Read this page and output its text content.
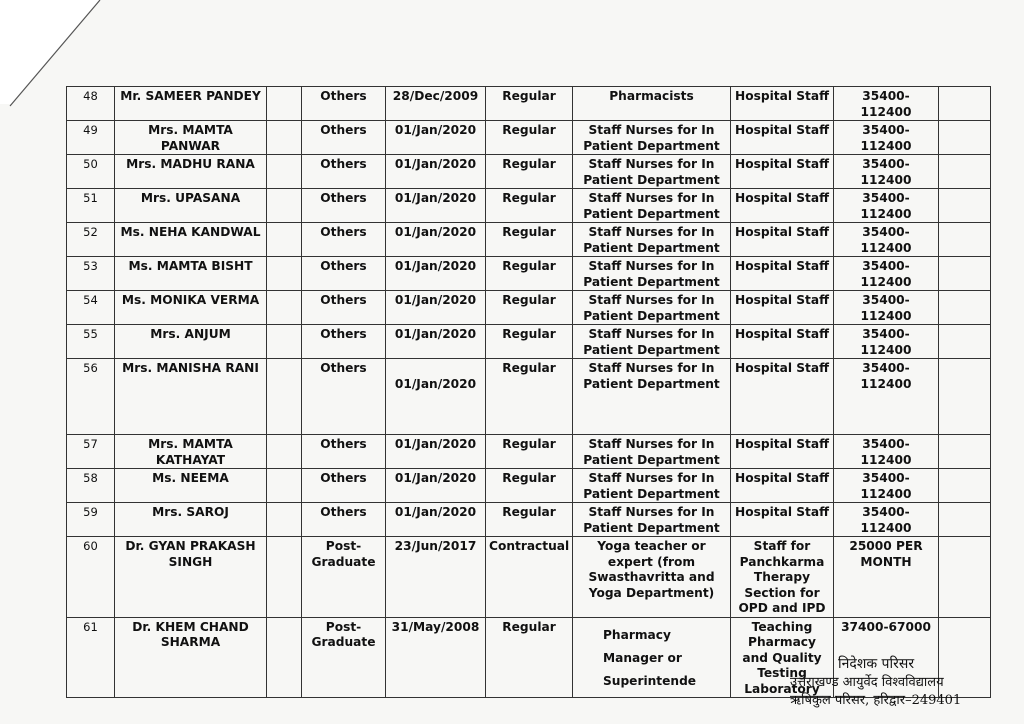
48	Mr. SAMEER PANDEY		Others	28/Dec/2009	Regular	Pharmacists	Hospital Staff	35400-
112400	

49	Mrs. MAMTA PANWAR		Others	01/Jan/2020	Regular	Staff Nurses for In Patient Department	Hospital Staff	35400-
112400	

50	Mrs. MADHU RANA		Others	01/Jan/2020	Regular	Staff Nurses for In Patient Department	Hospital Staff	35400-
112400	

51	Mrs. UPASANA		Others	01/Jan/2020	Regular	Staff Nurses for In Patient Department	Hospital Staff	35400-
112400	

52	Ms. NEHA KANDWAL		Others	01/Jan/2020	Regular	Staff Nurses for In Patient Department	Hospital Staff	35400-
112400	

53	Ms. MAMTA BISHT		Others	01/Jan/2020	Regular	Staff Nurses for In Patient Department	Hospital Staff	35400-
112400	

54	Ms. MONIKA VERMA		Others	01/Jan/2020	Regular	Staff Nurses for In Patient Department	Hospital Staff	35400-
112400	

55	Mrs. ANJUM		Others	01/Jan/2020	Regular	Staff Nurses for In Patient Department	Hospital Staff	35400-
112400	

56	Mrs. MANISHA RANI		Others	01/Jan/2020	Regular	Staff Nurses for In Patient Department	Hospital Staff	35400-
112400	

57	Mrs. MAMTA KATHAYAT		Others	01/Jan/2020	Regular	Staff Nurses for In Patient Department	Hospital Staff	35400-
112400	

58	Ms. NEEMA		Others	01/Jan/2020	Regular	Staff Nurses for In Patient Department	Hospital Staff	35400-
112400	

59	Mrs. SAROJ		Others	01/Jan/2020	Regular	Staff Nurses for In Patient Department	Hospital Staff	35400-
112400	

60	Dr. GYAN PRAKASH SINGH		Post-Graduate	23/Jun/2017	Contractual	Yoga teacher or expert (from Swasthavritta and Yoga Department)	Staff for Panchkarma Therapy Section for OPD and IPD	25000 PER
MONTH	

61	Dr. KHEM CHAND SHARMA		Post-Graduate	31/May/2008	Regular	Pharmacy Manager or Superintende	Teaching Pharmacy and Quality Testing Laboratory	37400-67000	

निदेशक परिसर
उत्तराखण्ड आयुर्वेद विश्वविद्यालय
ऋषिकुल परिसर, हरिद्वार–249401
